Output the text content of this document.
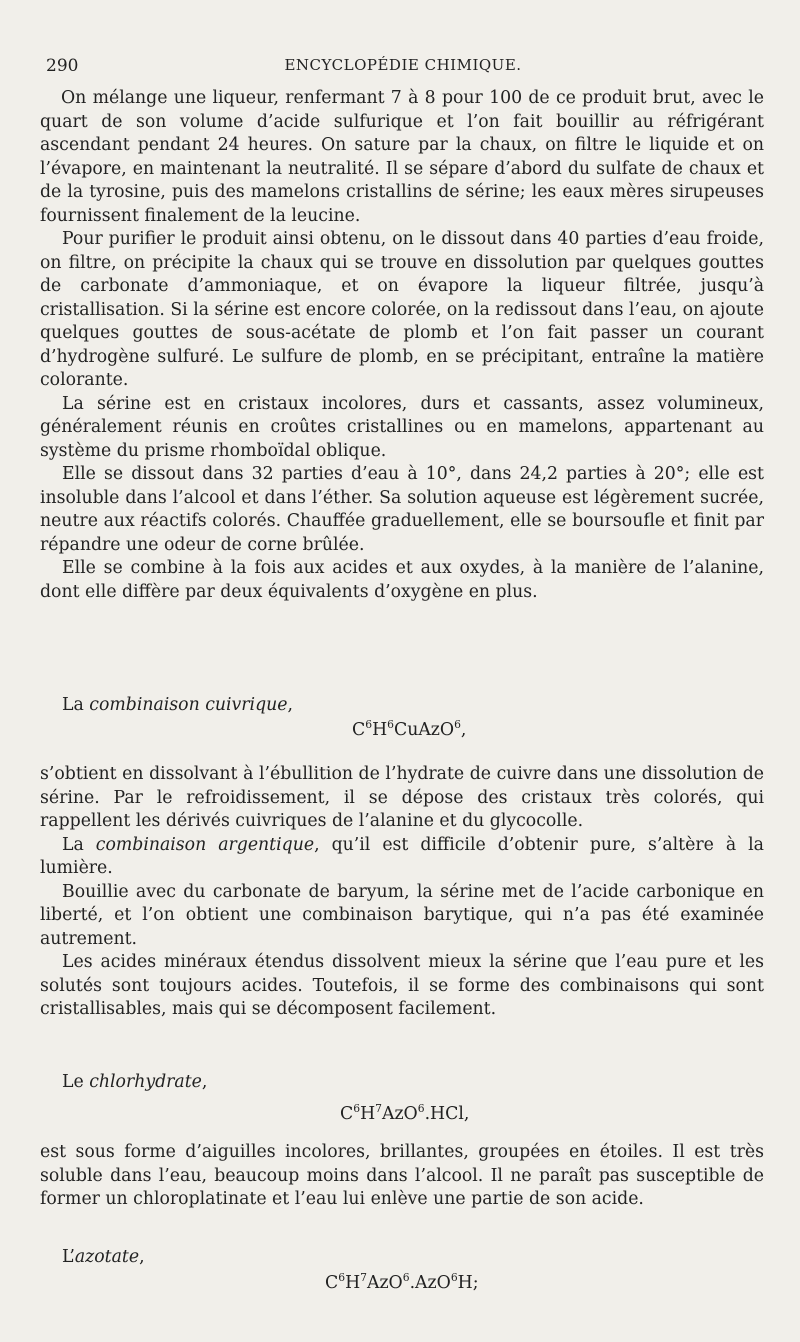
290	ENCYCLOPÉDIE CHIMIQUE.

On mélange une liqueur, renfermant 7 à 8 pour 100 de ce produit brut, avec le quart de son volume d’acide sulfurique et l’on fait bouillir au réfrigérant ascendant pendant 24 heures. On sature par la chaux, on filtre le liquide et on l’évapore, en maintenant la neutralité. Il se sépare d’abord du sulfate de chaux et de la tyrosine, puis des mamelons cristallins de sérine; les eaux mères sirupeuses fournissent finalement de la leucine.

Pour purifier le produit ainsi obtenu, on le dissout dans 40 parties d’eau froide, on filtre, on précipite la chaux qui se trouve en dissolution par quelques gouttes de carbonate d’ammoniaque, et on évapore la liqueur filtrée, jusqu’à cristallisation. Si la sérine est encore colorée, on la redissout dans l’eau, on ajoute quelques gouttes de sous-acétate de plomb et l’on fait passer un courant d’hydrogène sulfuré. Le sulfure de plomb, en se précipitant, entraîne la matière colorante.

La sérine est en cristaux incolores, durs et cassants, assez volumineux, généralement réunis en croûtes cristallines ou en mamelons, appartenant au système du prisme rhomboïdal oblique.

Elle se dissout dans 32 parties d’eau à 10°, dans 24,2 parties à 20°; elle est insoluble dans l’alcool et dans l’éther. Sa solution aqueuse est légèrement sucrée, neutre aux réactifs colorés. Chauffée graduellement, elle se boursoufle et finit par répandre une odeur de corne brûlée.

Elle se combine à la fois aux acides et aux oxydes, à la manière de l’alanine, dont elle diffère par deux équivalents d’oxygène en plus.

La combinaison cuivrique,
$C^6H^6CuAzO^6$,

s’obtient en dissolvant à l’ébullition de l’hydrate de cuivre dans une dissolution de sérine. Par le refroidissement, il se dépose des cristaux très colorés, qui rappellent les dérivés cuivriques de l’alanine et du glycocolle.

La combinaison argentique, qu’il est difficile d’obtenir pure, s’altère à la lumière.

Bouillie avec du carbonate de baryum, la sérine met de l’acide carbonique en liberté, et l’on obtient une combinaison barytique, qui n’a pas été examinée autrement.

Les acides minéraux étendus dissolvent mieux la sérine que l’eau pure et les solutés sont toujours acides. Toutefois, il se forme des combinaisons qui sont cristallisables, mais qui se décomposent facilement.

Le chlorhydrate,
$C^6H^7AzO^6.HCl$,

est sous forme d’aiguilles incolores, brillantes, groupées en étoiles. Il est très soluble dans l’eau, beaucoup moins dans l’alcool. Il ne paraît pas susceptible de former un chloroplatinate et l’eau lui enlève une partie de son acide.

L’azotate,
$C^6H^7AzO^6.AzO^6H$;
